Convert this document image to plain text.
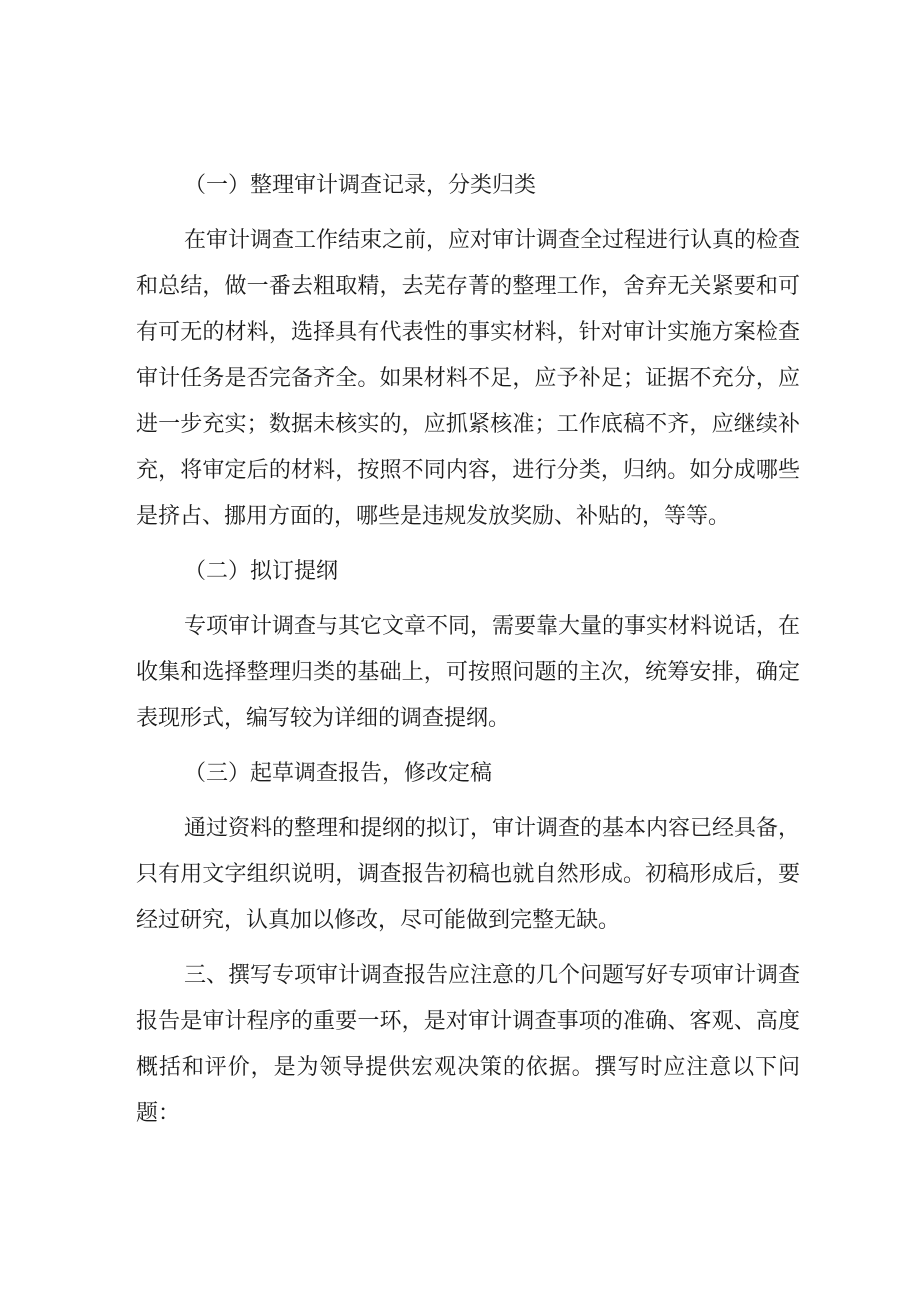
（一）整理审计调查记录，分类归类
在审计调查工作结束之前，应对审计调查全过程进行认真的检查和总结，做一番去粗取精，去芜存菁的整理工作，舍弃无关紧要和可有可无的材料，选择具有代表性的事实材料，针对审计实施方案检查审计任务是否完备齐全。如果材料不足，应予补足；证据不充分，应进一步充实；数据未核实的，应抓紧核准；工作底稿不齐，应继续补充，将审定后的材料，按照不同内容，进行分类，归纳。如分成哪些是挤占、挪用方面的，哪些是违规发放奖励、补贴的，等等。
（二）拟订提纲
专项审计调查与其它文章不同，需要靠大量的事实材料说话，在收集和选择整理归类的基础上，可按照问题的主次，统筹安排，确定表现形式，编写较为详细的调查提纲。
（三）起草调查报告，修改定稿
通过资料的整理和提纲的拟订，审计调查的基本内容已经具备，只有用文字组织说明，调查报告初稿也就自然形成。初稿形成后，要经过研究，认真加以修改，尽可能做到完整无缺。
三、撰写专项审计调查报告应注意的几个问题写好专项审计调查报告是审计程序的重要一环，是对审计调查事项的准确、客观、高度概括和评价，是为领导提供宏观决策的依据。撰写时应注意以下问题：
